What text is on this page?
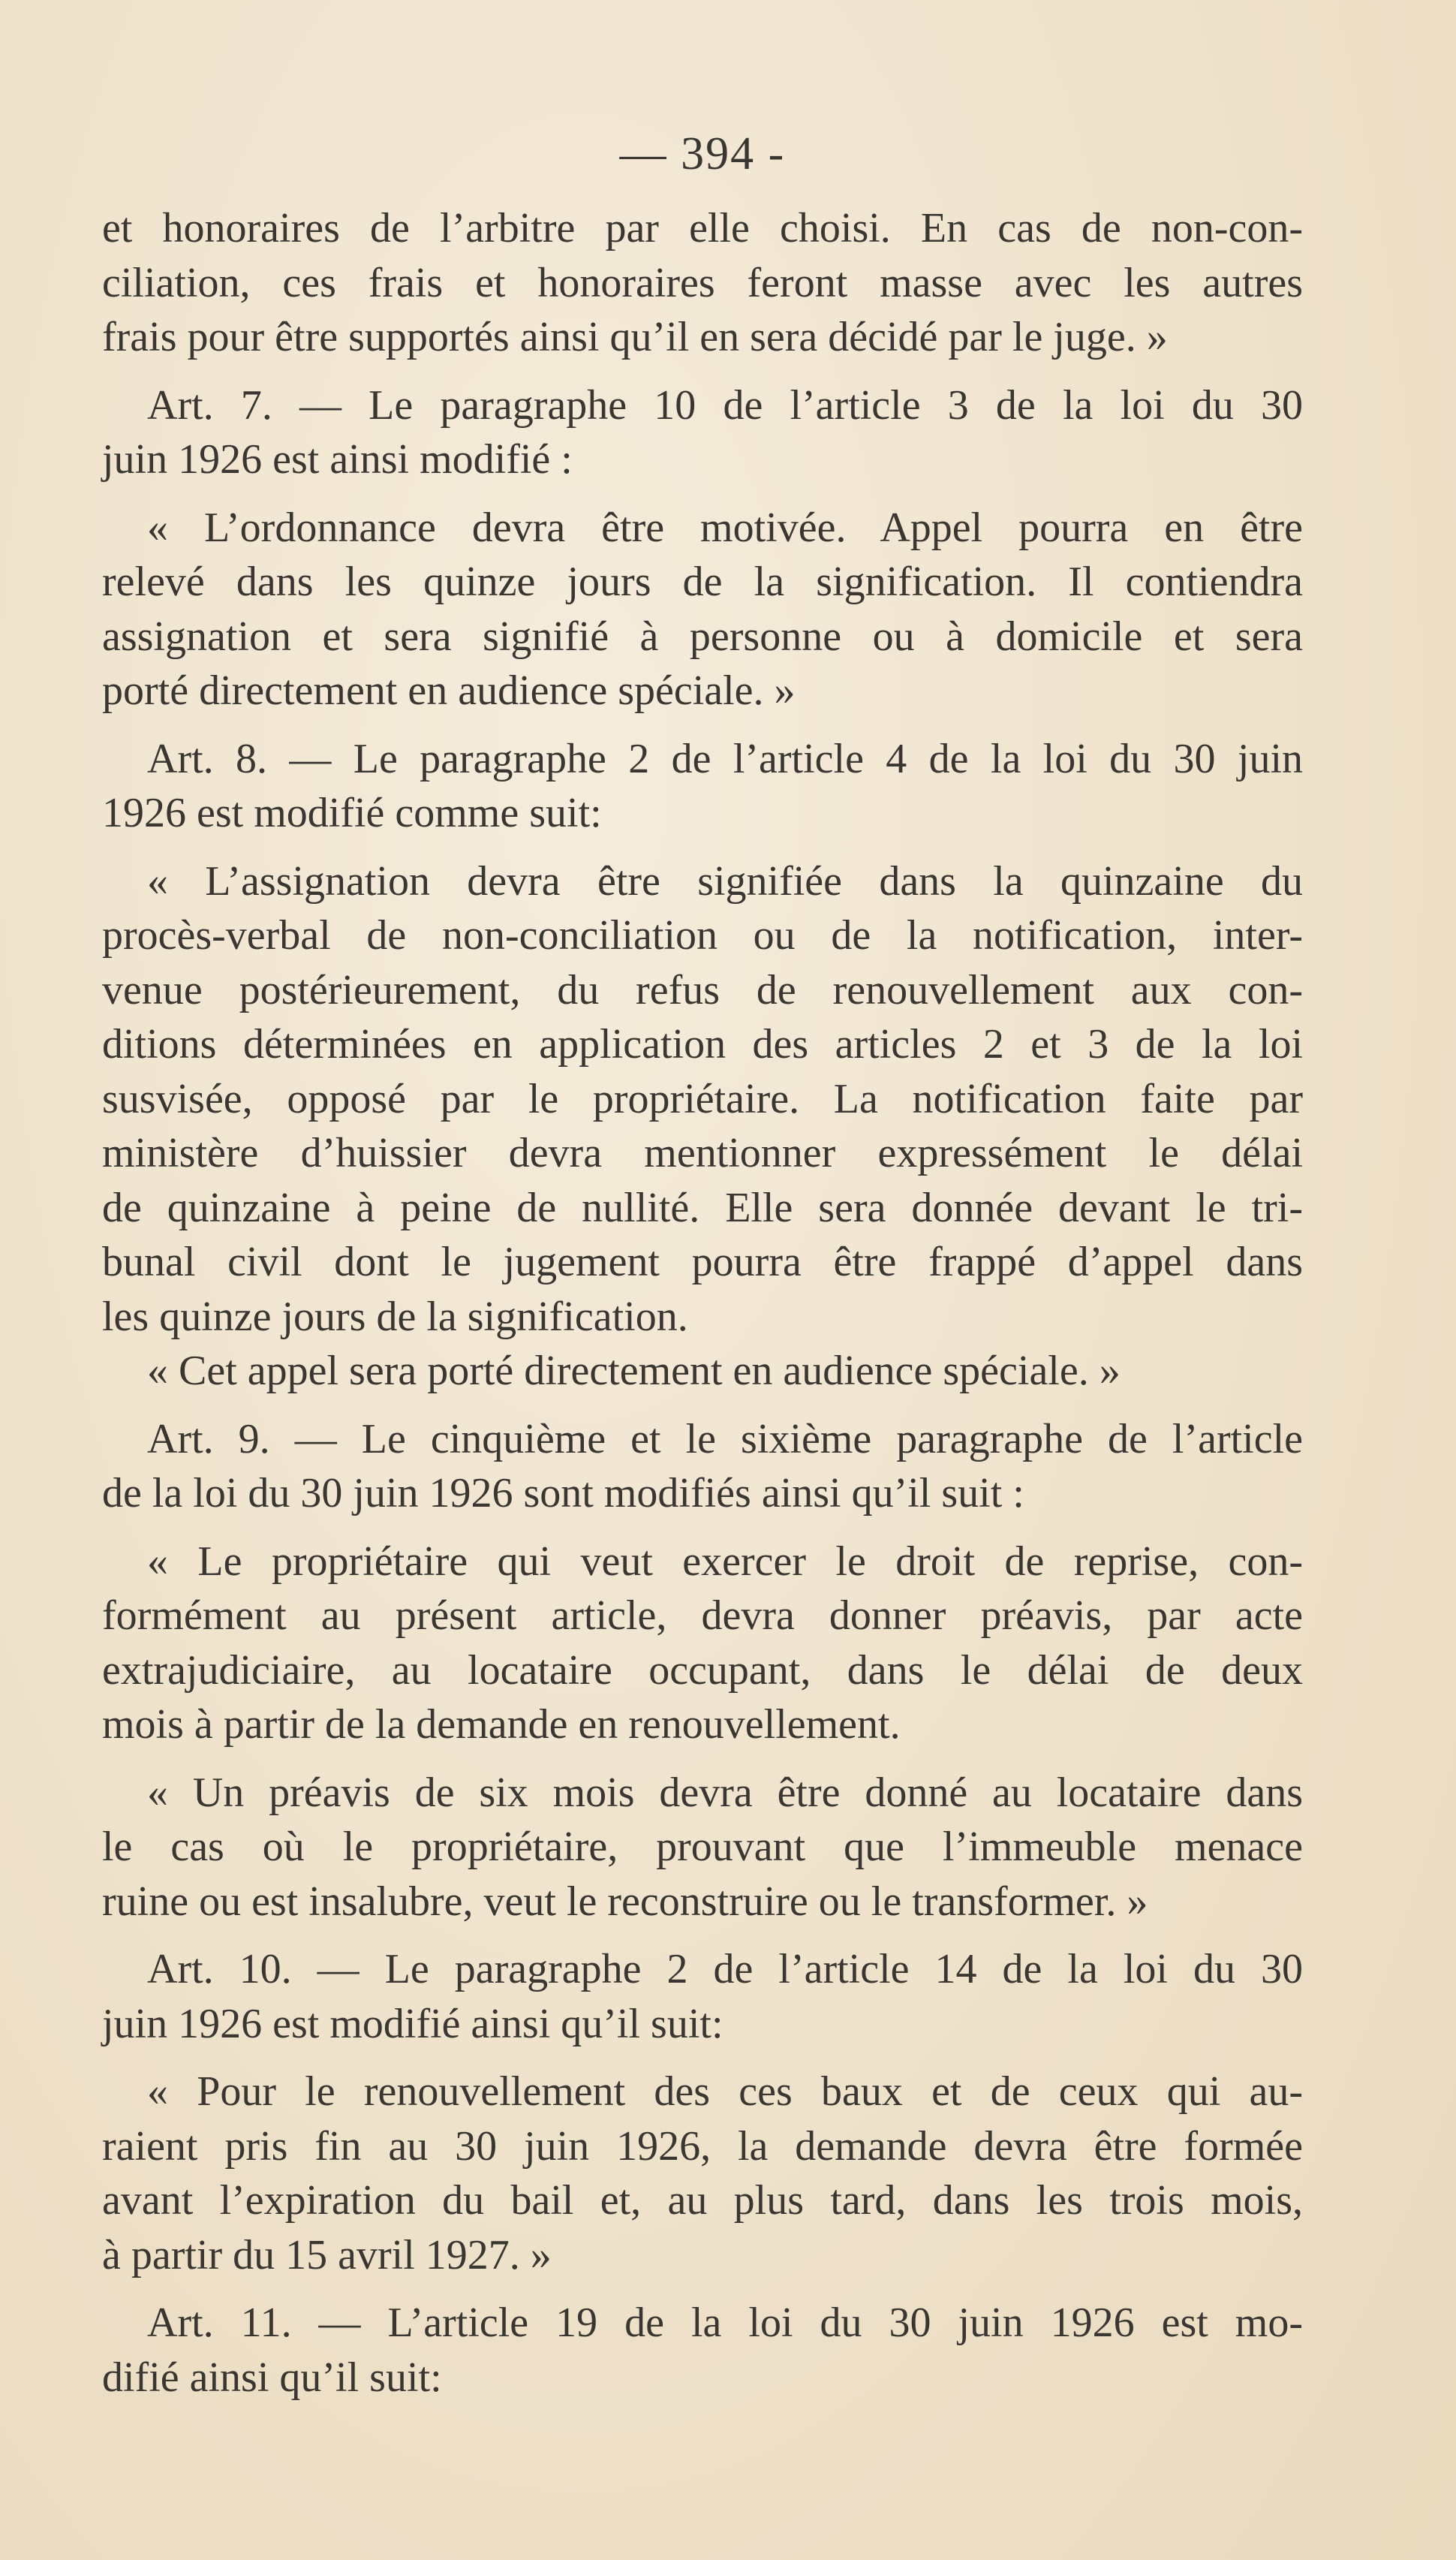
— 394 -

et honoraires de l’arbitre par elle choisi. En cas de non-con-
ciliation, ces frais et honoraires feront masse avec les autres
frais pour être supportés ainsi qu’il en sera décidé par le juge. »

Art. 7. — Le paragraphe 10 de l’article 3 de la loi du 30
juin 1926 est ainsi modifié :

« L’ordonnance devra être motivée. Appel pourra en être
relevé dans les quinze jours de la signification. Il contiendra
assignation et sera signifié à personne ou à domicile et sera
porté directement en audience spéciale. »

Art. 8. — Le paragraphe 2 de l’article 4 de la loi du 30 juin
1926 est modifié comme suit:

« L’assignation devra être signifiée dans la quinzaine du
procès-verbal de non-conciliation ou de la notification, inter-
venue postérieurement, du refus de renouvellement aux con-
ditions déterminées en application des articles 2 et 3 de la loi
susvisée, opposé par le propriétaire. La notification faite par
ministère d’huissier devra mentionner expressément le délai
de quinzaine à peine de nullité. Elle sera donnée devant le tri-
bunal civil dont le jugement pourra être frappé d’appel dans
les quinze jours de la signification.

« Cet appel sera porté directement en audience spéciale. »

Art. 9. — Le cinquième et le sixième paragraphe de l’article
de la loi du 30 juin 1926 sont modifiés ainsi qu’il suit :

« Le propriétaire qui veut exercer le droit de reprise, con-
formément au présent article, devra donner préavis, par acte
extrajudiciaire, au locataire occupant, dans le délai de deux
mois à partir de la demande en renouvellement.

« Un préavis de six mois devra être donné au locataire dans
le cas où le propriétaire, prouvant que l’immeuble menace
ruine ou est insalubre, veut le reconstruire ou le transformer. »

Art. 10. — Le paragraphe 2 de l’article 14 de la loi du 30
juin 1926 est modifié ainsi qu’il suit:

« Pour le renouvellement des ces baux et de ceux qui au-
raient pris fin au 30 juin 1926, la demande devra être formée
avant l’expiration du bail et, au plus tard, dans les trois mois,
à partir du 15 avril 1927. »

Art. 11. — L’article 19 de la loi du 30 juin 1926 est mo-
difié ainsi qu’il suit:
